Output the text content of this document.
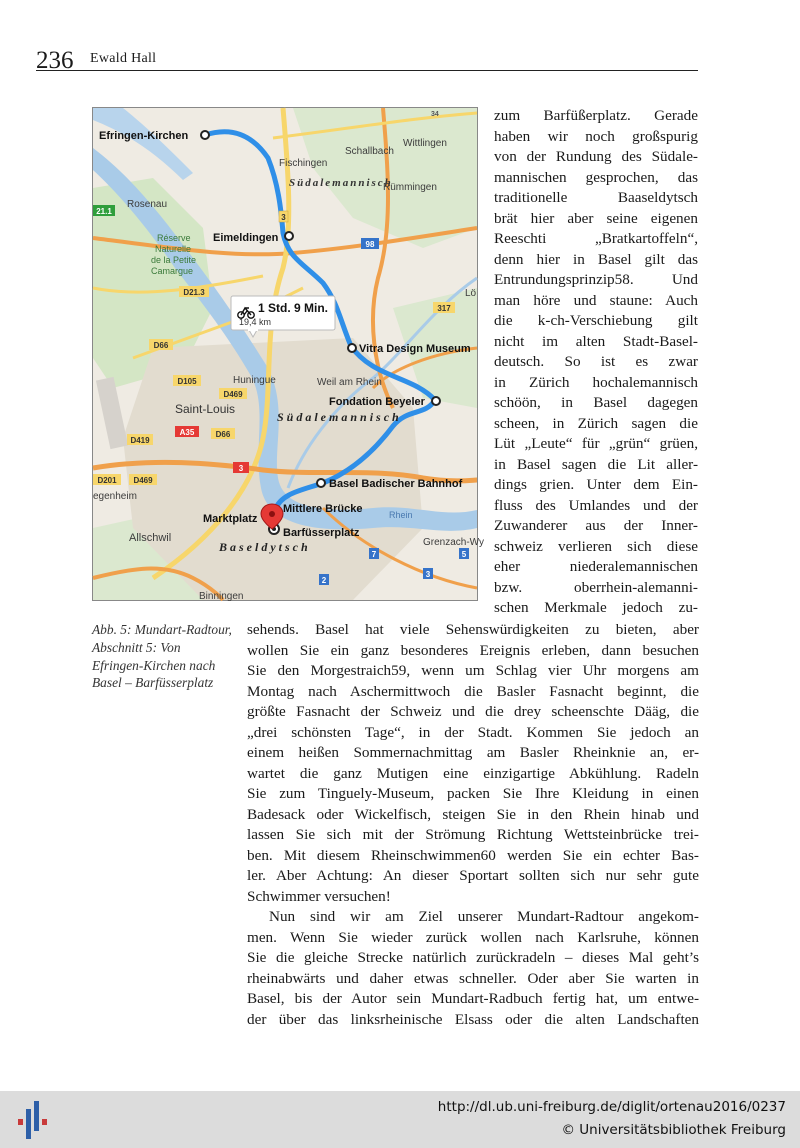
236 Ewald Hall
3
98
21.1
D21.3
D66
D105
D469
A35	D66
D419
D201 D469
3
317
34
7
2
3
5
Efringen-Kirchen
Schallbach
Wittlingen
Fischingen
Südalemannisch
Rümmingen
Rosenau
Eimeldingen
Réserve
Naturelle
de la Petite
Camargue
Vitra Design Museum
Huningue	Weil am Rhein
Saint-Louis	Fondation Beyeler
Südalemannisch
Basel Badischer Bahnhof
egenheim
Marktplatz
Mittlere Brücke
Barfüsserplatz
Allschwil
Baseldytsch
Rhein
Grenzach-Wy
Binningen
Lö
1 Std. 9 Min.
19,4 km
zum Barfüßerplatz. Gerade
haben wir noch großspurig
von der Rundung des Südale-
mannischen gesprochen, das
traditionelle Baaseldytsch
brät hier aber seine eigenen
Reeschti „Bratkartoffeln“,
denn hier in Basel gilt das
Entrundungsprinzip58. Und
man höre und staune: Auch
die k-ch-Verschiebung gilt
nicht im alten Stadt-Basel-
deutsch. So ist es zwar
in Zürich hochalemannisch
schöön, in Basel dagegen
scheen, in Zürich sagen die
Lüt „Leute“ für „grün“ grüen,
in Basel sagen die Lit aller-
dings grien. Unter dem Ein-
fluss des Umlandes und der
Zuwanderer aus der Inner-
schweiz verlieren sich diese
eher niederalemannischen
bzw. oberrhein-alemanni-
schen Merkmale jedoch zu-
Abb. 5: Mundart-Radtour, Abschnitt 5: Von Efringen-Kirchen nach Basel – Barfüsserplatz
sehends. Basel hat viele Sehenswürdigkeiten zu bieten, aber
wollen Sie ein ganz besonderes Ereignis erleben, dann besuchen
Sie den Morgestraich59, wenn um Schlag vier Uhr morgens am
Montag nach Aschermittwoch die Basler Fasnacht beginnt, die
größte Fasnacht der Schweiz und die drey scheenschte Dääg, die
„drei schönsten Tage“, in der Stadt. Kommen Sie jedoch an
einem heißen Sommernachmittag am Basler Rheinknie an, er-
wartet die ganz Mutigen eine einzigartige Abkühlung. Radeln
Sie zum Tinguely-Museum, packen Sie Ihre Kleidung in einen
Badesack oder Wickelfisch, steigen Sie in den Rhein hinab und
lassen Sie sich mit der Strömung Richtung Wettsteinbrücke trei-
ben. Mit diesem Rheinschwimmen60 werden Sie ein echter Bas-
ler. Aber Achtung: An dieser Sportart sollten sich nur sehr gute
Schwimmer versuchen!
Nun sind wir am Ziel unserer Mundart-Radtour angekom-
men. Wenn Sie wieder zurück wollen nach Karlsruhe, können
Sie die gleiche Strecke natürlich zurückradeln – dieses Mal geht’s
rheinabwärts und daher etwas schneller. Oder aber Sie warten in
Basel, bis der Autor sein Mundart-Radbuch fertig hat, um entwe-
der über das linksrheinische Elsass oder die alten Landschaften
http://dl.ub.uni-freiburg.de/diglit/ortenau2016/0237
© Universitätsbibliothek Freiburg
